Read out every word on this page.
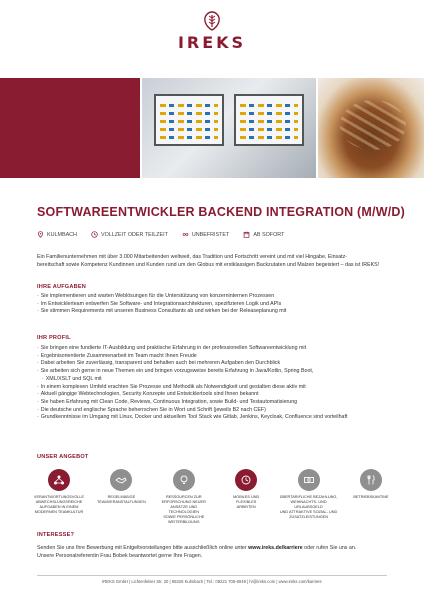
IREKS
SOFTWAREENTWICKLER BACKEND INTEGRATION (M/W/D)
KULMBACH	VOLLZEIT ODER TEILZEIT	UNBEFRISTET	AB SOFORT
Ein Familienunternehmen mit über 3.000 Mitarbeitenden weltweit, das Tradition und Fortschritt vereint und mit viel Hingabe, Einsatz-
bereitschaft sowie Kompetenz Kundinnen und Kunden rund um den Globus mit erstklassigen Backzutaten und Malzen begeistert – das ist IREKS!
IHRE AUFGABEN
· Sie implementieren und warten Weblösungen für die Unterstützung von konzerninternen Prozessen
· Im Entwicklerteam entwerfen Sie Software- und Integrationsarchitekturen, spezifizieren Logik und APIs
· Sie stimmen Requirements mit unseren Business Consultants ab und wirken bei der Releaseplanung mit
IHR PROFIL
· Sie bringen eine fundierte IT-Ausbildung und praktische Erfahrung in der professionellen Softwareentwicklung mit
· Ergebnisorientierte Zusammenarbeit im Team macht Ihnen Freude
· Dabei arbeiten Sie zuverlässig, transparent und behalten auch bei mehreren Aufgaben den Durchblick
· Sie arbeiten sich gerne in neue Themen ein und bringen vorzugsweise bereits Erfahrung in Java/Kotlin, Spring Boot,
· XML/XSLT und SQL mit
· In einem komplexen Umfeld erachten Sie Prozesse und Methodik als Notwendigkeit und gestalten diese aktiv mit
· Aktuell gängige Webtechnologien, Security Konzepte und Entwicklertools sind Ihnen bekannt
· Sie haben Erfahrung mit Clean Code, Reviews, Continuous Integration, sowie Build- und Testautomatisierung
· Die deutsche und englische Sprache beherrschen Sie in Wort und Schrift (jeweils B2 nach CEF)
· Grundkenntnisse im Umgang mit Linux, Docker und aktuellem Tool Stack wie Gitlab, Jenkins, Keycloak, Confluence sind vorteilhaft
UNSER ANGEBOT
VERANTWORTUNGSVOLLE
ABWECHSLUNGSREICHE
AUFGABEN IN EINEM
MODERNEN TEAMKULTUR
REGELMÄßIGE
TEAMVERANSTALTUNGEN
RESSOURCEN ZUR
ERFORSCHUNG NEUER
ANSÄTZE UND TECHNOLOGIEN
SOWIE PERSÖNLICHE WEITERBILDUNG
MOBILES UND
FLEXIBLES
ARBEITEN
ÜBERTARIFLICHE BEZAHLUNG,
WEIHNACHTS- UND URLAUBSGELD
UND ATTRAKTIVE SOZIAL- UND
ZUSATZLEISTUNGEN
BETRIEBSKANTINE
INTERESSE?
Senden Sie uns Ihre Bewerbung mit Entgeltvorstellungen bitte ausschließlich online unter www.ireks.de/karriere oder rufen Sie uns an.
Unsere Personalreferentin Frau Bobek beantwortet gerne Ihre Fragen.
IREKS GmbH | Lichtenfelser Str. 20 | 95326 Kulmbach | Tel.: 09221 706-6049 | hr@ireks.com | www.ireks.com/karriere
